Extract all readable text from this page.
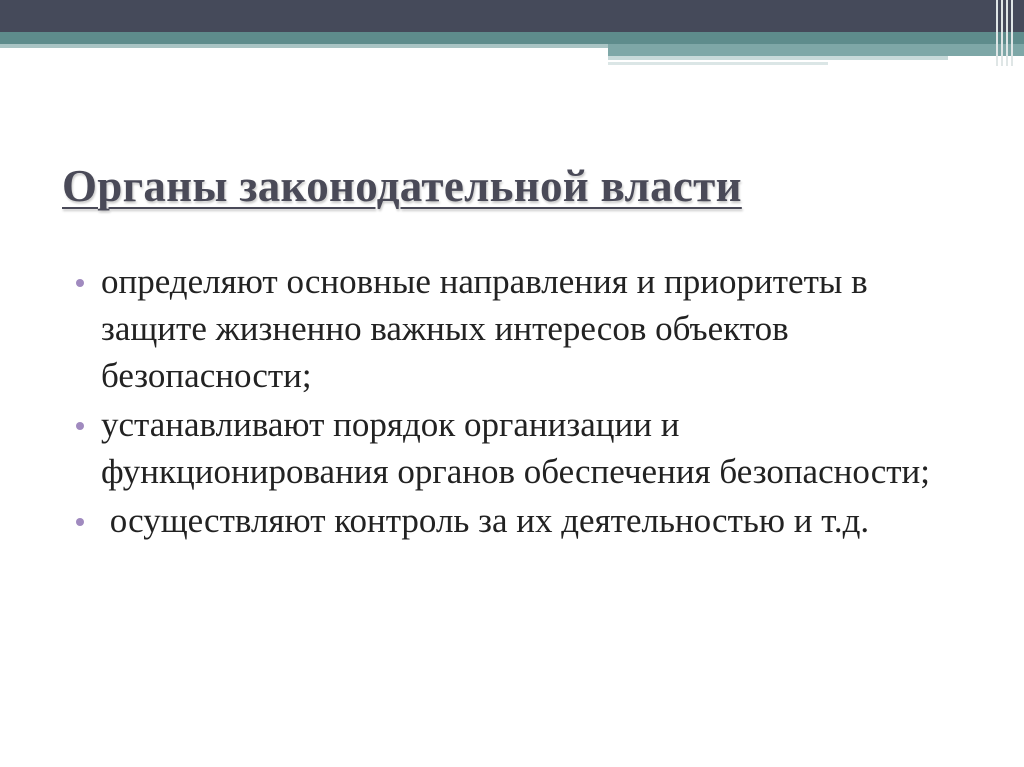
Органы законодательной власти
определяют основные направления и приоритеты в защите жизненно важных интересов объектов безопасности;
устанавливают порядок организации и функционирования органов обеспечения безопасности;
осуществляют контроль за их деятельностью и т.д.
